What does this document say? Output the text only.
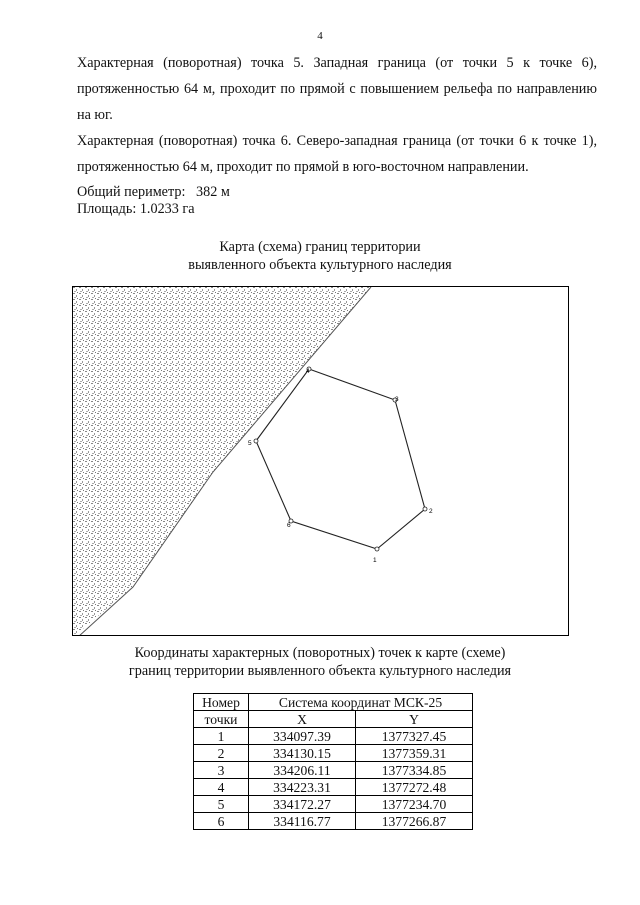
4
Характерная (поворотная) точка 5. Западная граница (от точки 5 к точке 6), протяженностью 64 м, проходит по прямой с повышением рельефа по направлению на юг.
Характерная (поворотная) точка 6. Северо-западная граница (от точки 6 к точке 1), протяженностью 64 м, проходит по прямой в юго-восточном направлении.
Общий периметр: 382 м
Площадь: 1.0233 га
Карта (схема) границ территории
выявленного объекта культурного наследия
1
2
3
4
5
6
Координаты характерных (поворотных) точек к карте (схеме)
границ территории выявленного объекта культурного наследия
Номер	Система координат МСК-25	
точки	X	Y
1	334097.39	1377327.45
2	334130.15	1377359.31
3	334206.11	1377334.85
4	334223.31	1377272.48
5	334172.27	1377234.70
6	334116.77	1377266.87
